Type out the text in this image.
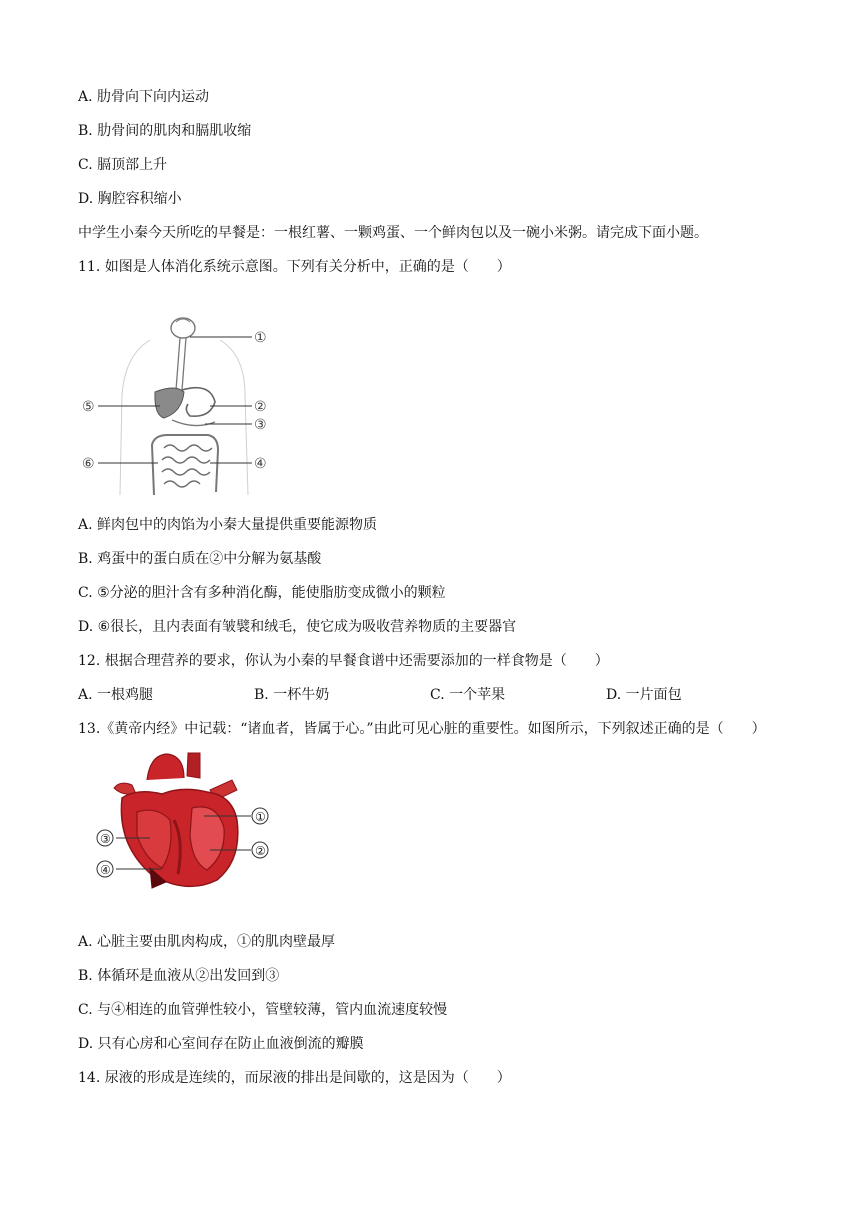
A. 肋骨向下向内运动
B. 肋骨间的肌肉和膈肌收缩
C. 膈顶部上升
D. 胸腔容积缩小
中学生小秦今天所吃的早餐是：一根红薯、一颗鸡蛋、一个鲜肉包以及一碗小米粥。请完成下面小题。
11. 如图是人体消化系统示意图。下列有关分析中，正确的是（　　）
①
②
③
④
⑤
⑥
A. 鲜肉包中的肉馅为小秦大量提供重要能源物质
B. 鸡蛋中的蛋白质在②中分解为氨基酸
C. ⑤分泌的胆汁含有多种消化酶，能使脂肪变成微小的颗粒
D. ⑥很长，且内表面有皱襞和绒毛，使它成为吸收营养物质的主要器官
12. 根据合理营养的要求，你认为小秦的早餐食谱中还需要添加的一样食物是（　　）
A. 一根鸡腿	B. 一杯牛奶	C. 一个苹果	D. 一片面包
13.《黄帝内经》中记载：“诸血者，皆属于心。”由此可见心脏的重要性。如图所示，下列叙述正确的是（　　）
①
②
③
④
A. 心脏主要由肌肉构成，①的肌肉壁最厚
B. 体循环是血液从②出发回到③
C. 与④相连的血管弹性较小，管壁较薄，管内血流速度较慢
D. 只有心房和心室间存在防止血液倒流的瓣膜
14. 尿液的形成是连续的，而尿液的排出是间歇的，这是因为（　　）
